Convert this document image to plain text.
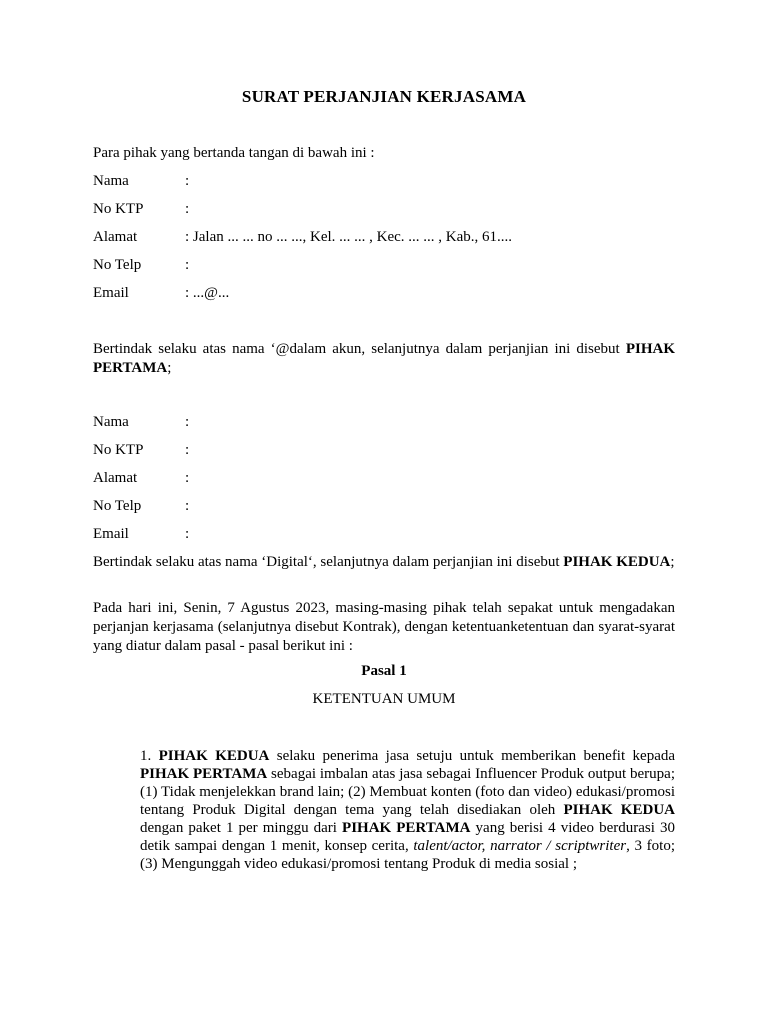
SURAT PERJANJIAN KERJASAMA
Para pihak yang bertanda tangan di bawah ini :
Nama	:
No KTP	:
Alamat	: Jalan ... ... no ... ..., Kel. ... ... , Kec. ... ... , Kab., 61....
No Telp	:
Email	: ...@...
Bertindak selaku atas nama ‘@dalam akun, selanjutnya dalam perjanjian ini disebut PIHAK PERTAMA;
Nama	:
No KTP	:
Alamat	:
No Telp	:
Email	:
Bertindak selaku atas nama ‘Digital‘, selanjutnya dalam perjanjian ini disebut PIHAK KEDUA;
Pada hari ini, Senin, 7 Agustus 2023, masing-masing pihak telah sepakat untuk mengadakan perjanjan kerjasama (selanjutnya disebut Kontrak), dengan ketentuanketentuan dan syarat-syarat yang diatur dalam pasal - pasal berikut ini :
Pasal 1
KETENTUAN UMUM
1. PIHAK KEDUA selaku penerima jasa setuju untuk memberikan benefit kepada PIHAK PERTAMA sebagai imbalan atas jasa sebagai Influencer Produk output berupa; (1) Tidak menjelekkan brand lain; (2) Membuat konten (foto dan video) edukasi/promosi tentang Produk Digital dengan tema yang telah disediakan oleh PIHAK KEDUA dengan paket 1 per minggu dari PIHAK PERTAMA yang berisi 4 video berdurasi 30 detik sampai dengan 1 menit, konsep cerita, talent/actor, narrator / scriptwriter, 3 foto; (3) Mengunggah video edukasi/promosi tentang Produk di media sosial ;
